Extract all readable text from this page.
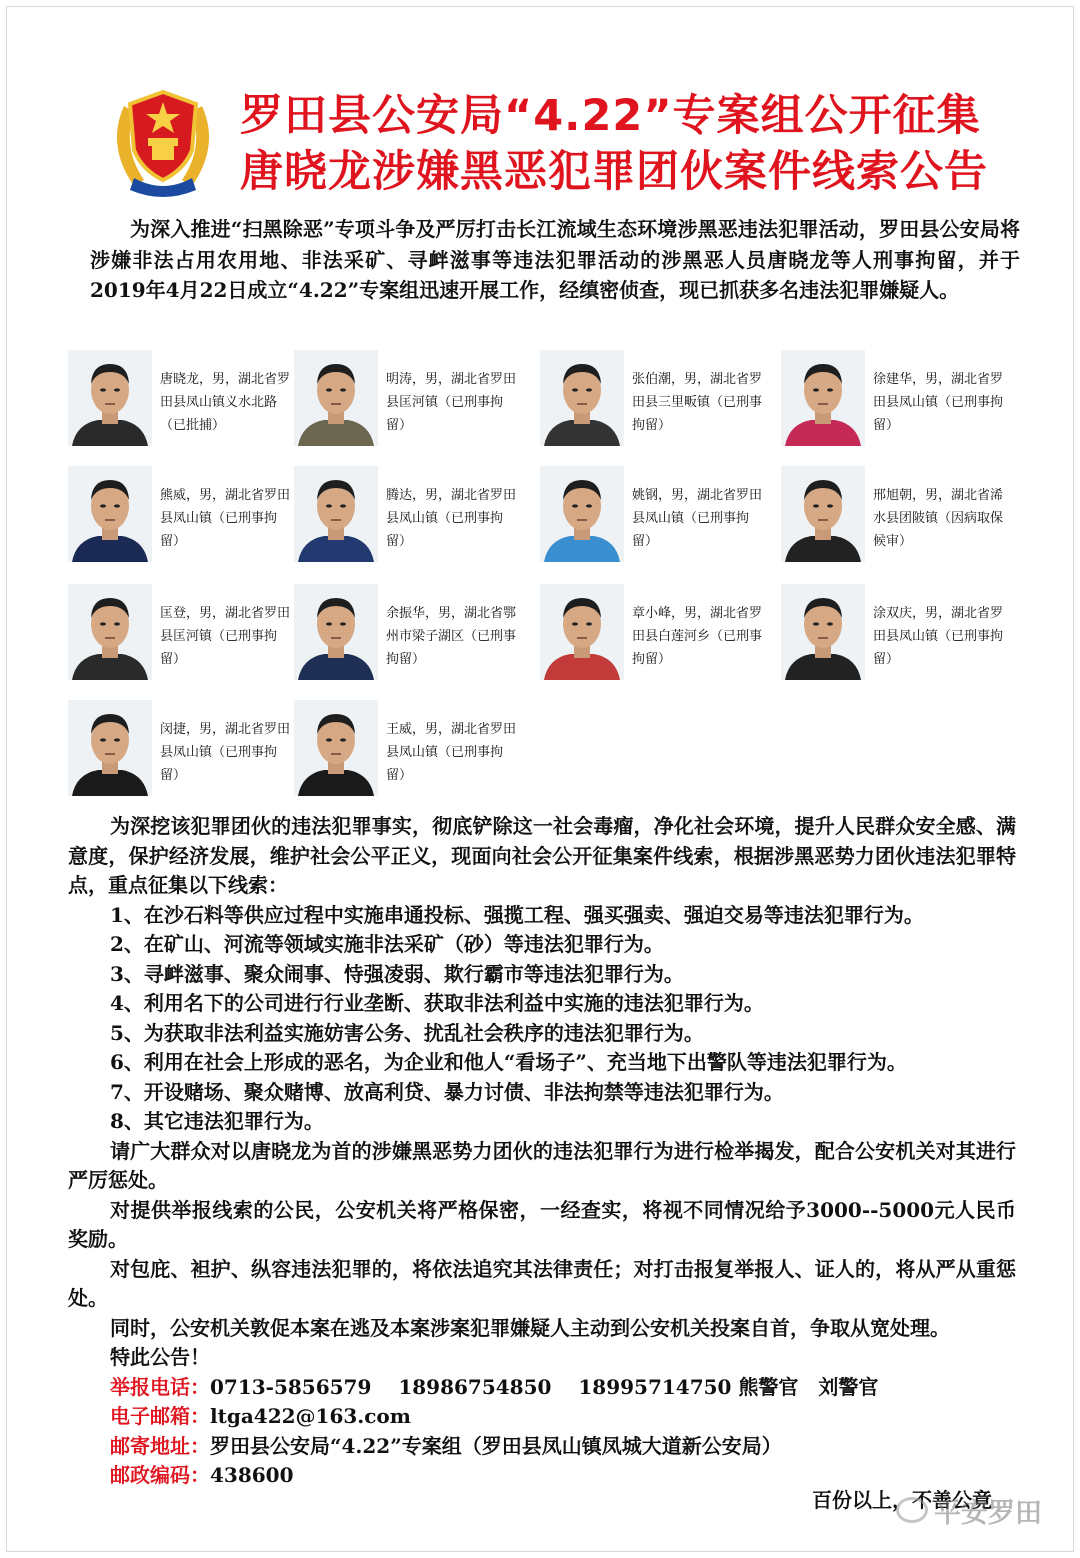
罗田县公安局“4.22”专案组公开征集
唐晓龙涉嫌黑恶犯罪团伙案件线索公告
为深入推进“扫黑除恶”专项斗争及严厉打击长江流域生态环境涉黑恶违法犯罪活动，罗田县公安局将涉嫌非法占用农用地、非法采矿、寻衅滋事等违法犯罪活动的涉黑恶人员唐晓龙等人刑事拘留，并于2019年4月22日成立“4.22”专案组迅速开展工作，经缜密侦查，现已抓获多名违法犯罪嫌疑人。
唐晓龙，男，湖北省罗田县凤山镇义水北路（已批捕）
明涛，男，湖北省罗田县匡河镇（已刑事拘留）
张伯潮，男，湖北省罗田县三里畈镇（已刑事拘留）
徐建华，男，湖北省罗田县凤山镇（已刑事拘留）
熊威，男，湖北省罗田县凤山镇（已刑事拘留）
腾达，男，湖北省罗田县凤山镇（已刑事拘留）
姚钢，男，湖北省罗田县凤山镇（已刑事拘留）
邢旭朝，男，湖北省浠水县团陂镇（因病取保候审）
匡登，男，湖北省罗田县匡河镇（已刑事拘留）
余振华，男，湖北省鄂州市梁子湖区（已刑事拘留）
章小峰，男，湖北省罗田县白莲河乡（已刑事拘留）
涂双庆，男，湖北省罗田县凤山镇（已刑事拘留）
闵捷，男，湖北省罗田县凤山镇（已刑事拘留）
王威，男，湖北省罗田县凤山镇（已刑事拘留）

为深挖该犯罪团伙的违法犯罪事实，彻底铲除这一社会毒瘤，净化社会环境，提升人民群众安全感、满意度，保护经济发展，维护社会公平正义，现面向社会公开征集案件线索，根据涉黑恶势力团伙违法犯罪特点，重点征集以下线索：

1、在沙石料等供应过程中实施串通投标、强揽工程、强买强卖、强迫交易等违法犯罪行为。

2、在矿山、河流等领域实施非法采矿（砂）等违法犯罪行为。

3、寻衅滋事、聚众闹事、恃强凌弱、欺行霸市等违法犯罪行为。

4、利用名下的公司进行行业垄断、获取非法利益中实施的违法犯罪行为。

5、为获取非法利益实施妨害公务、扰乱社会秩序的违法犯罪行为。

6、利用在社会上形成的恶名，为企业和他人“看场子”、充当地下出警队等违法犯罪行为。

7、开设赌场、聚众赌博、放高利贷、暴力讨债、非法拘禁等违法犯罪行为。

8、其它违法犯罪行为。

请广大群众对以唐晓龙为首的涉嫌黑恶势力团伙的违法犯罪行为进行检举揭发，配合公安机关对其进行严厉惩处。

对提供举报线索的公民，公安机关将严格保密，一经查实，将视不同情况给予3000--5000元人民币奖励。

对包庇、袒护、纵容违法犯罪的，将依法追究其法律责任；对打击报复举报人、证人的，将从严从重惩处。

同时，公安机关敦促本案在逃及本案涉案犯罪嫌疑人主动到公安机关投案自首，争取从宽处理。

特此公告！

举报电话：0713-5856579　 18986754850　 18995714750 熊警官　刘警官

电子邮箱：ltga422@163.com

邮寄地址：罗田县公安局“4.22”专案组（罗田县凤山镇凤城大道新公安局）

邮政编码：438600

百份以上，不善公竟
平安罗田
